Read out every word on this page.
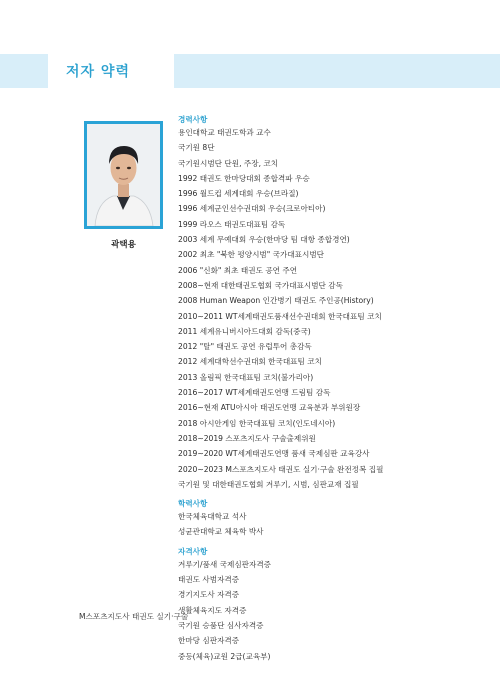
저자 약력
곽택용
경력사항
용인대학교 태권도학과 교수
국기원 8단
국기원시범단 단원, 주장, 코치
1992 태권도 한마당대회 종합격파 우승
1996 월드컵 세계대회 우승(브라질)
1996 세계군인선수권대회 우승(크로아티아)
1999 라오스 태권도대표팀 감독
2003 세계 무예대회 우승(한마당 팀 대항 종합경연)
2002 최초 "북한 평양시범" 국가대표시범단
2006 "신화" 최초 태권도 공연 주연
2008~현재 대한태권도협회 국가대표시범단 감독
2008 Human Weapon 인간병기 태권도 주인공(History)
2010~2011 WT세계태권도품새선수권대회 한국대표팀 코치
2011 세계유니버시아드대회 감독(중국)
2012 "탈" 태권도 공연 유럽투어 총감독
2012 세계대학선수권대회 한국대표팀 코치
2013 올림픽 한국대표팀 코치(불가리아)
2016~2017 WT세계태권도연맹 드림팀 감독
2016~현재 ATU아시아 태권도연맹 교육분과 부위원장
2018 아시안게임 한국대표팀 코치(인도네시아)
2018~2019 스포츠지도사 구술출제위원
2019~2020 WT세계태권도연맹 품새 국제심판 교육강사
2020~2023 M스포츠지도사 태권도 실기·구술 완전정복 집필
국기원 및 대한태권도협회 겨루기, 시범, 심판교재 집필
학력사항
한국체육대학교 석사
성균관대학교 체육학 박사
자격사항
겨루기/품새 국제심판자격증
태권도 사범자격증
경기지도사 자격증
생활체육지도 자격증
국기원 승품단 심사자격증
한마당 심판자격증
중등(체육)교원 2급(교육부)
M스포츠지도사 태권도 실기·구술
